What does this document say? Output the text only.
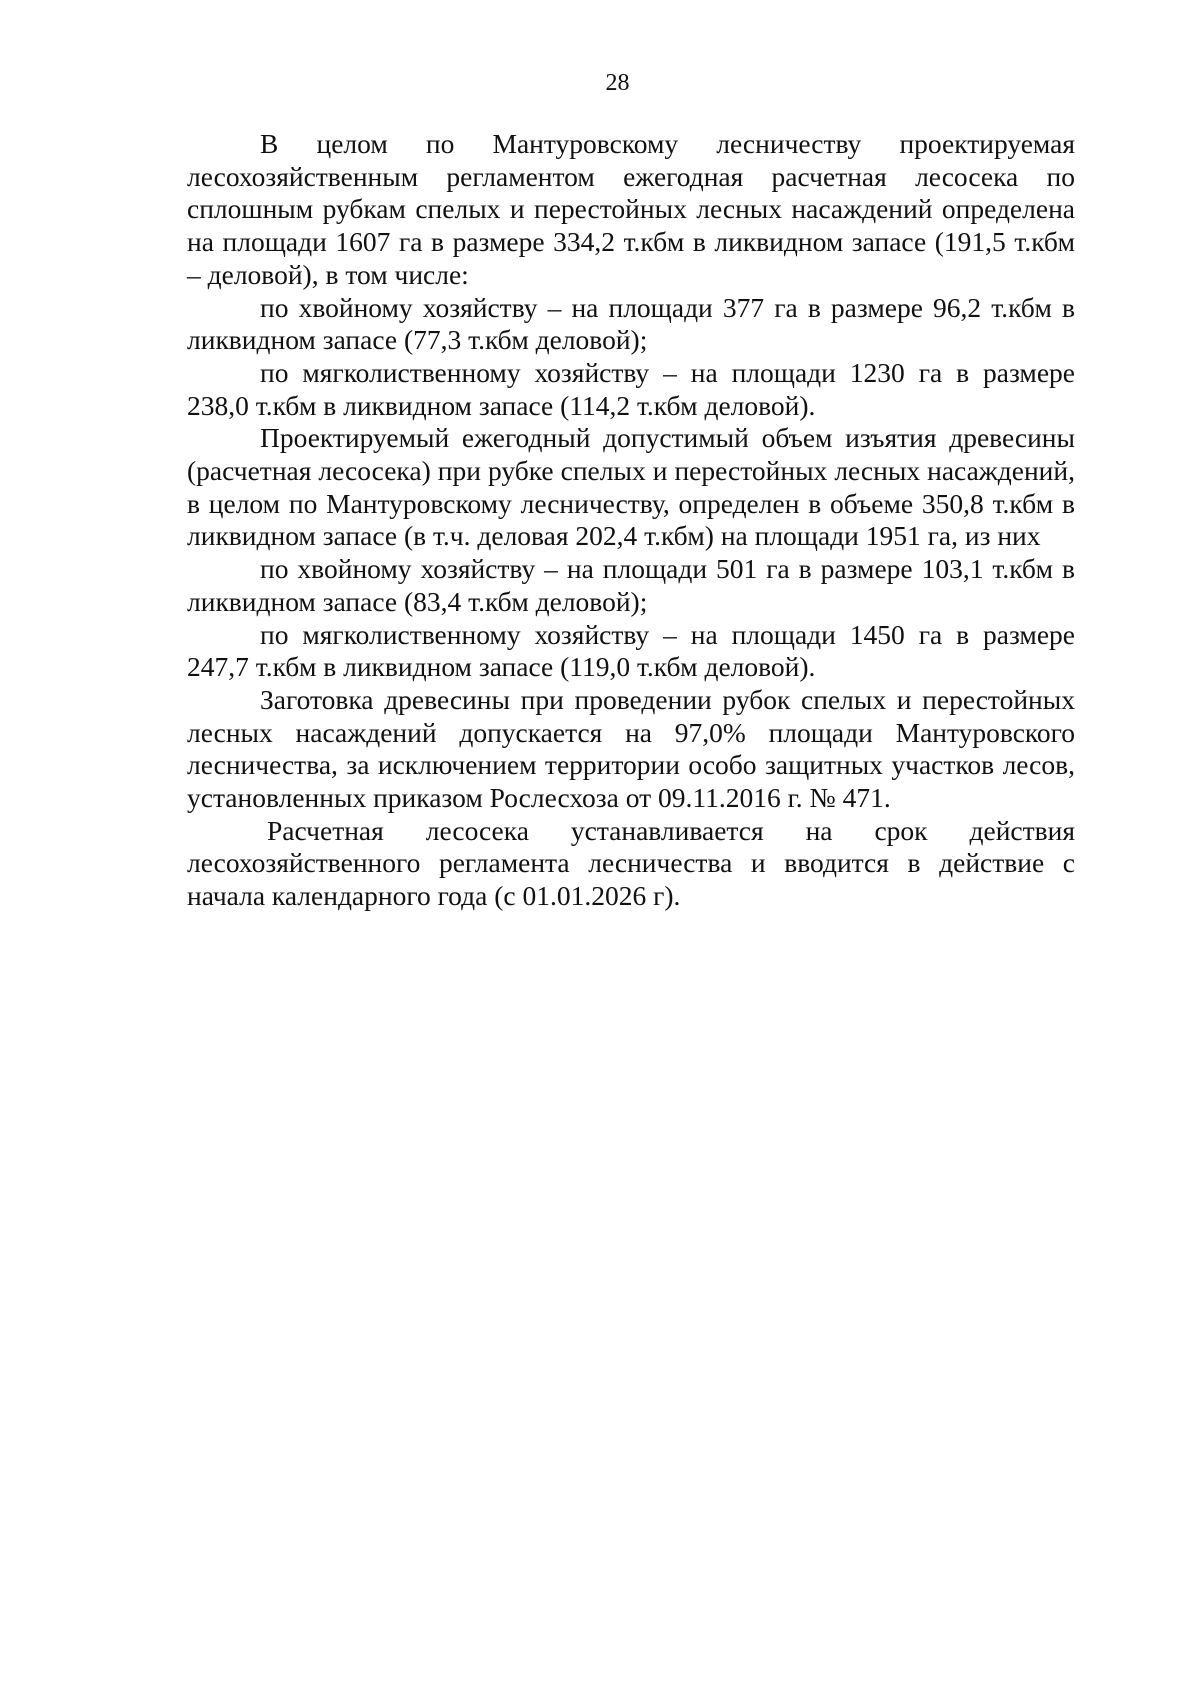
28

В целом по Мантуровскому лесничеству проектируемая лесохозяйственным регламентом ежегодная расчетная лесосека по сплошным рубкам спелых и перестойных лесных насаждений определена на площади 1607 га в размере 334,2 т.кбм в ликвидном запасе (191,5 т.кбм – деловой), в том числе:

по хвойному хозяйству – на площади 377 га в размере 96,2 т.кбм в ликвидном запасе (77,3 т.кбм деловой);

по мягколиственному хозяйству – на площади 1230 га в размере 238,0 т.кбм в ликвидном запасе (114,2 т.кбм деловой).

Проектируемый ежегодный допустимый объем изъятия древесины (расчетная лесосека) при рубке спелых и перестойных лесных насаждений, в целом по Мантуровскому лесничеству, определен в объеме 350,8 т.кбм в ликвидном запасе (в т.ч. деловая 202,4 т.кбм) на площади 1951 га, из них

по хвойному хозяйству – на площади 501 га в размере 103,1 т.кбм в ликвидном запасе (83,4 т.кбм деловой);

по мягколиственному хозяйству – на площади 1450 га в размере 247,7 т.кбм в ликвидном запасе (119,0 т.кбм деловой).

Заготовка древесины при проведении рубок спелых и перестойных лесных насаждений допускается на 97,0% площади Мантуровского лесничества, за исключением территории особо защитных участков лесов, установленных приказом Рослесхоза от 09.11.2016 г. № 471.

Расчетная лесосека устанавливается на срок действия лесохозяйственного регламента лесничества и вводится в действие с начала календарного года (с 01.01.2026 г).
